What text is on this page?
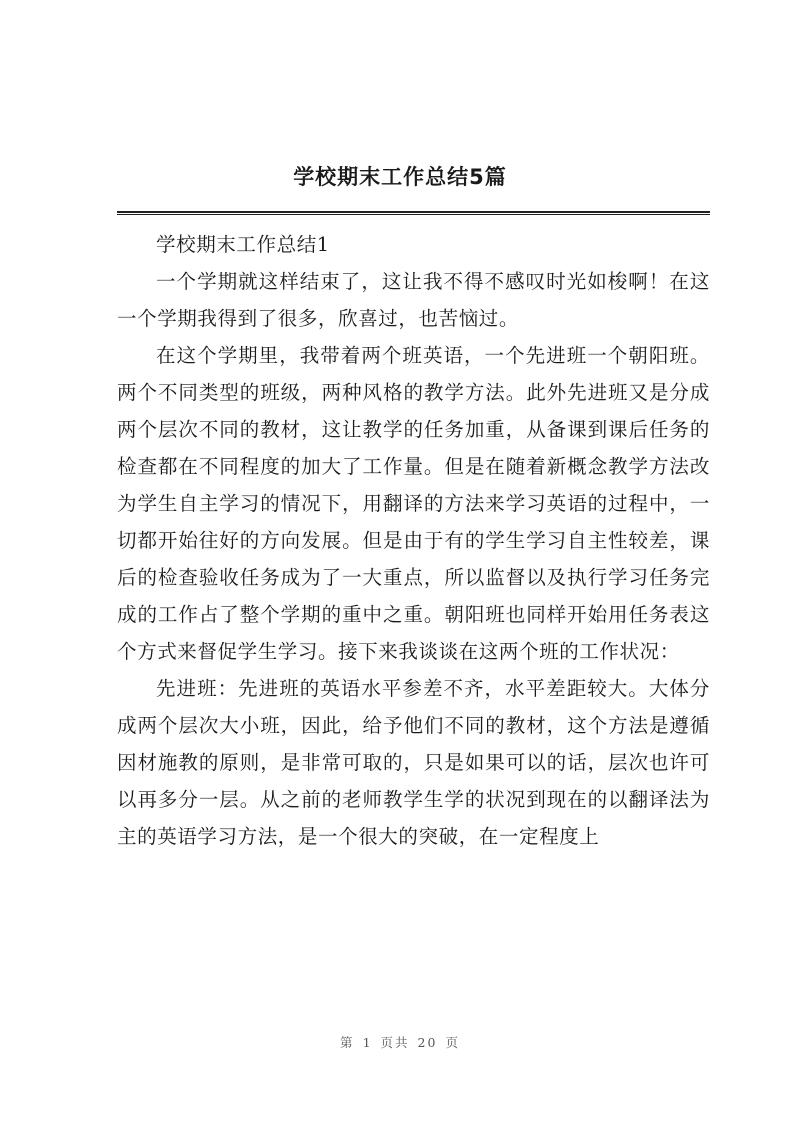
学校期末工作总结5篇

学校期末工作总结1

一个学期就这样结束了，这让我不得不感叹时光如梭啊！在这一个学期我得到了很多，欣喜过，也苦恼过。

在这个学期里，我带着两个班英语，一个先进班一个朝阳班。两个不同类型的班级，两种风格的教学方法。此外先进班又是分成两个层次不同的教材，这让教学的任务加重，从备课到课后任务的检查都在不同程度的加大了工作量。但是在随着新概念教学方法改为学生自主学习的情况下，用翻译的方法来学习英语的过程中，一切都开始往好的方向发展。但是由于有的学生学习自主性较差，课后的检查验收任务成为了一大重点，所以监督以及执行学习任务完成的工作占了整个学期的重中之重。朝阳班也同样开始用任务表这个方式来督促学生学习。接下来我谈谈在这两个班的工作状况：

先进班：先进班的英语水平参差不齐，水平差距较大。大体分成两个层次大小班，因此，给予他们不同的教材，这个方法是遵循因材施教的原则，是非常可取的，只是如果可以的话，层次也许可以再多分一层。从之前的老师教学生学的状况到现在的以翻译法为主的英语学习方法，是一个很大的突破，在一定程度上

第 1 页共 20 页
